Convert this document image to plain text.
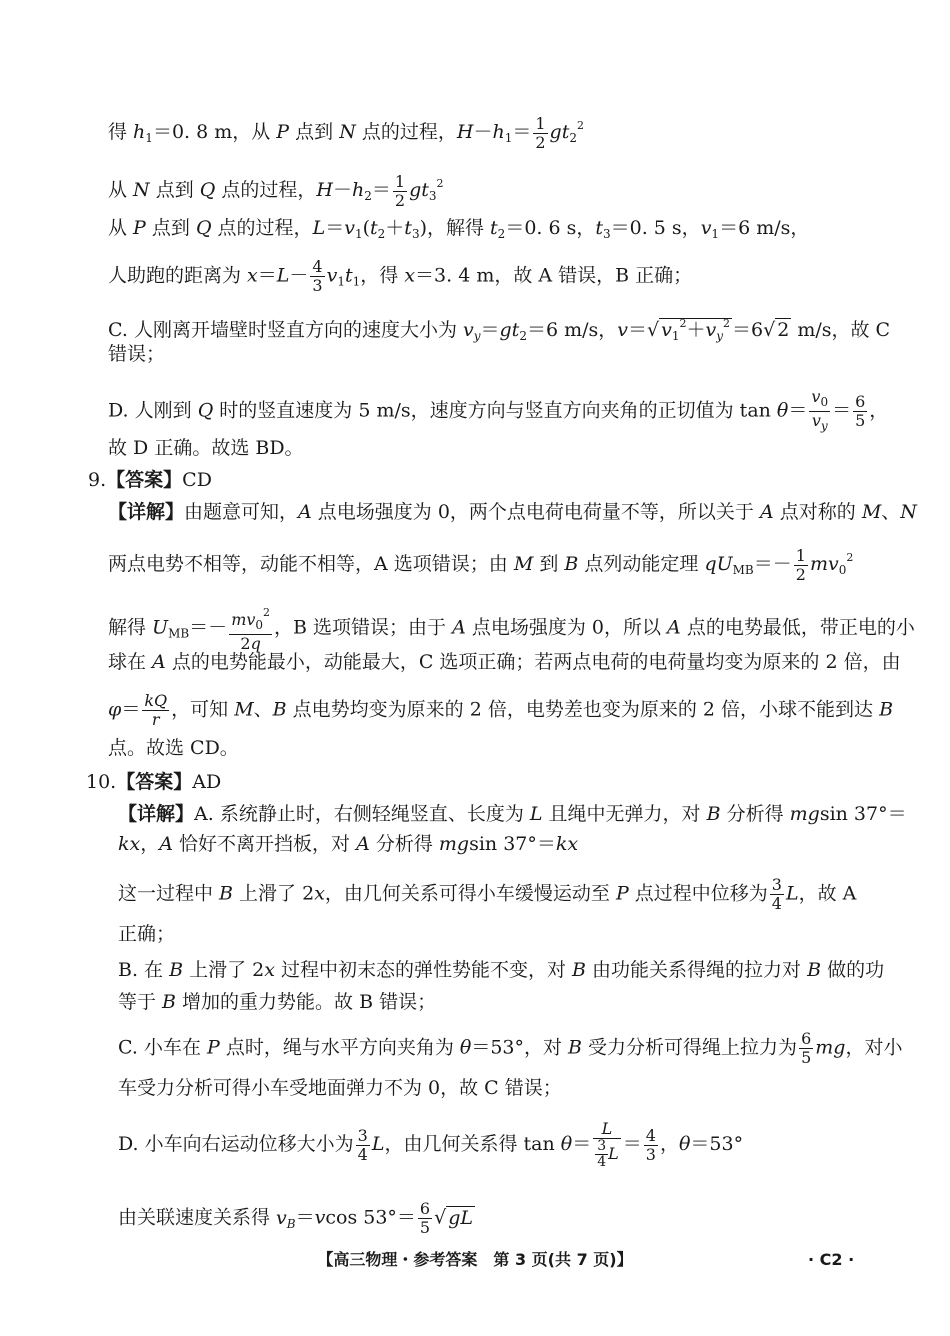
得 $h_1=0$. 8 m，从 P 点到 N 点的过程，$H-h_1= \frac{1}{2} gt_2^2$
从 N 点到 Q 点的过程，$H-h_2= \frac{1}{2} gt_3^2$
从 P 点到 Q 点的过程，$L=v_1(t_2+t_3)$，解得 $t_2=0$. 6 s，$t_3=0$. 5 s，$v_1=6$ m/s，
人助跑的距离为 $x=L- \frac{4}{3} v_1t_1$，得 x＝3. 4 m，故 A 错误，B 正确；
C. 人刚离开墙壁时竖直方向的速度大小为 $v_y=gt_2=6$ m/s，v＝√ $v_1^2+v_y^2 =6√$ 2 m/s，故 C
错误；
D. 人刚到 Q 时的竖直速度为 5 m/s，速度方向与竖直方向夹角的正切值为 $\tan \theta= \frac{v_0}{v_y} = \frac{6}{5}$ ，
故 D 正确。故选 BD。
9.【答案】CD
【详解】由题意可知，A 点电场强度为 0，两个点电荷电荷量不等，所以关于 A 点对称的 M、N
两点电势不相等，动能不相等，A 选项错误；由 M 到 B 点列动能定理 $qU_{MB}=- \frac{1}{2} mv_0^2$
解得 $U_{MB}=- \frac{mv_0^2}{2q}$ ，B 选项错误；由于 A 点电场强度为 0，所以 A 点的电势最低，带正电的小
球在 A 点的电势能最小，动能最大，C 选项正确；若两点电荷的电荷量均变为原来的 2 倍，由
$\varphi= \frac{kQ}{r}$ ，可知 M、B 点电势均变为原来的 2 倍，电势差也变为原来的 2 倍，小球不能到达 B
点。故选 CD。
10.【答案】AD
【详解】A. 系统静止时，右侧轻绳竖直、长度为 L 且绳中无弹力，对 B 分析得 mgsin 37°＝
kx，A 恰好不离开挡板，对 A 分析得 mgsin 37°＝kx
这一过程中 B 上滑了 2x，由几何关系可得小车缓慢运动至 P 点过程中位移为 $\frac{3}{4}$ L，故 A
正确；
B. 在 B 上滑了 2x 过程中初末态的弹性势能不变，对 B 由功能关系得绳的拉力对 B 做的功
等于 B 增加的重力势能。故 B 错误；
C. 小车在 P 点时，绳与水平方向夹角为 θ＝53°，对 B 受力分析可得绳上拉力为 $\frac{6}{5}$ mg，对小
车受力分析可得小车受地面弹力不为 0，故 C 错误；
D. 小车向右运动位移大小为 $\frac{3}{4}$ L，由几何关系得 $\tan \theta= \frac{L}{\frac{3}{4} L} = \frac{4}{3}$ ，θ＝53°
由关联速度关系得 $v_B=vcos$ $53^\circ= \frac{6}{5}$ √ gL
【高三物理・参考答案　第 3 页(共 7 页)】	· C2 ·
